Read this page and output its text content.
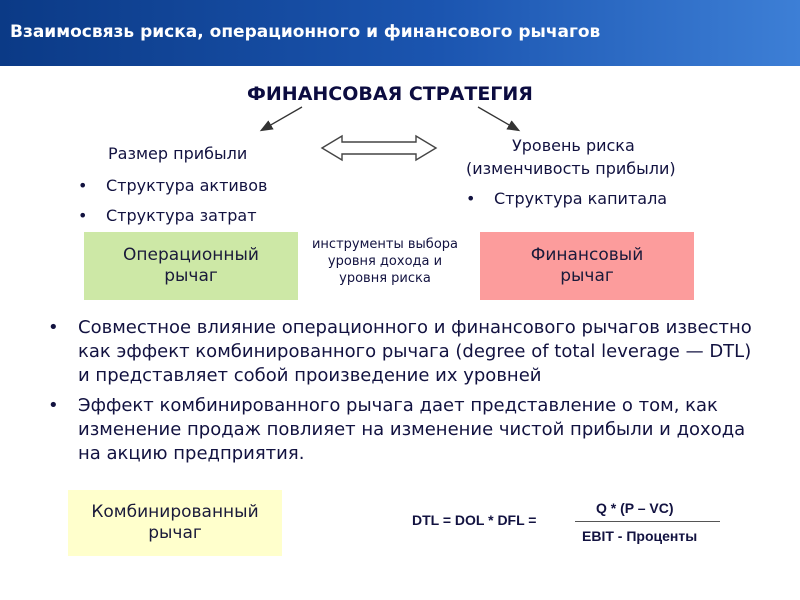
Взаимосвязь риска, операционного и финансового рычагов
ФИНАНСОВАЯ СТРАТЕГИЯ
Размер прибыли
• Структура активов
• Структура затрат
Операционный
рычаг
Уровень риска
(изменчивость прибыли)
• Структура капитала
Финансовый
рычаг
инструменты выбора
уровня дохода и
уровня риска
• Совместное влияние операционного и финансового рычагов известно как эффект комбинированного рычага (degree of total leverage — DTL) и представляет собой произведение их уровней
• Эффект комбинированного рычага дает представление о том, как изменение продаж повлияет на изменение чистой прибыли и дохода на акцию предприятия.
Комбинированный
рычаг
DTL = DOL * DFL =
Q * (P – VC)
EBIT - Проценты
